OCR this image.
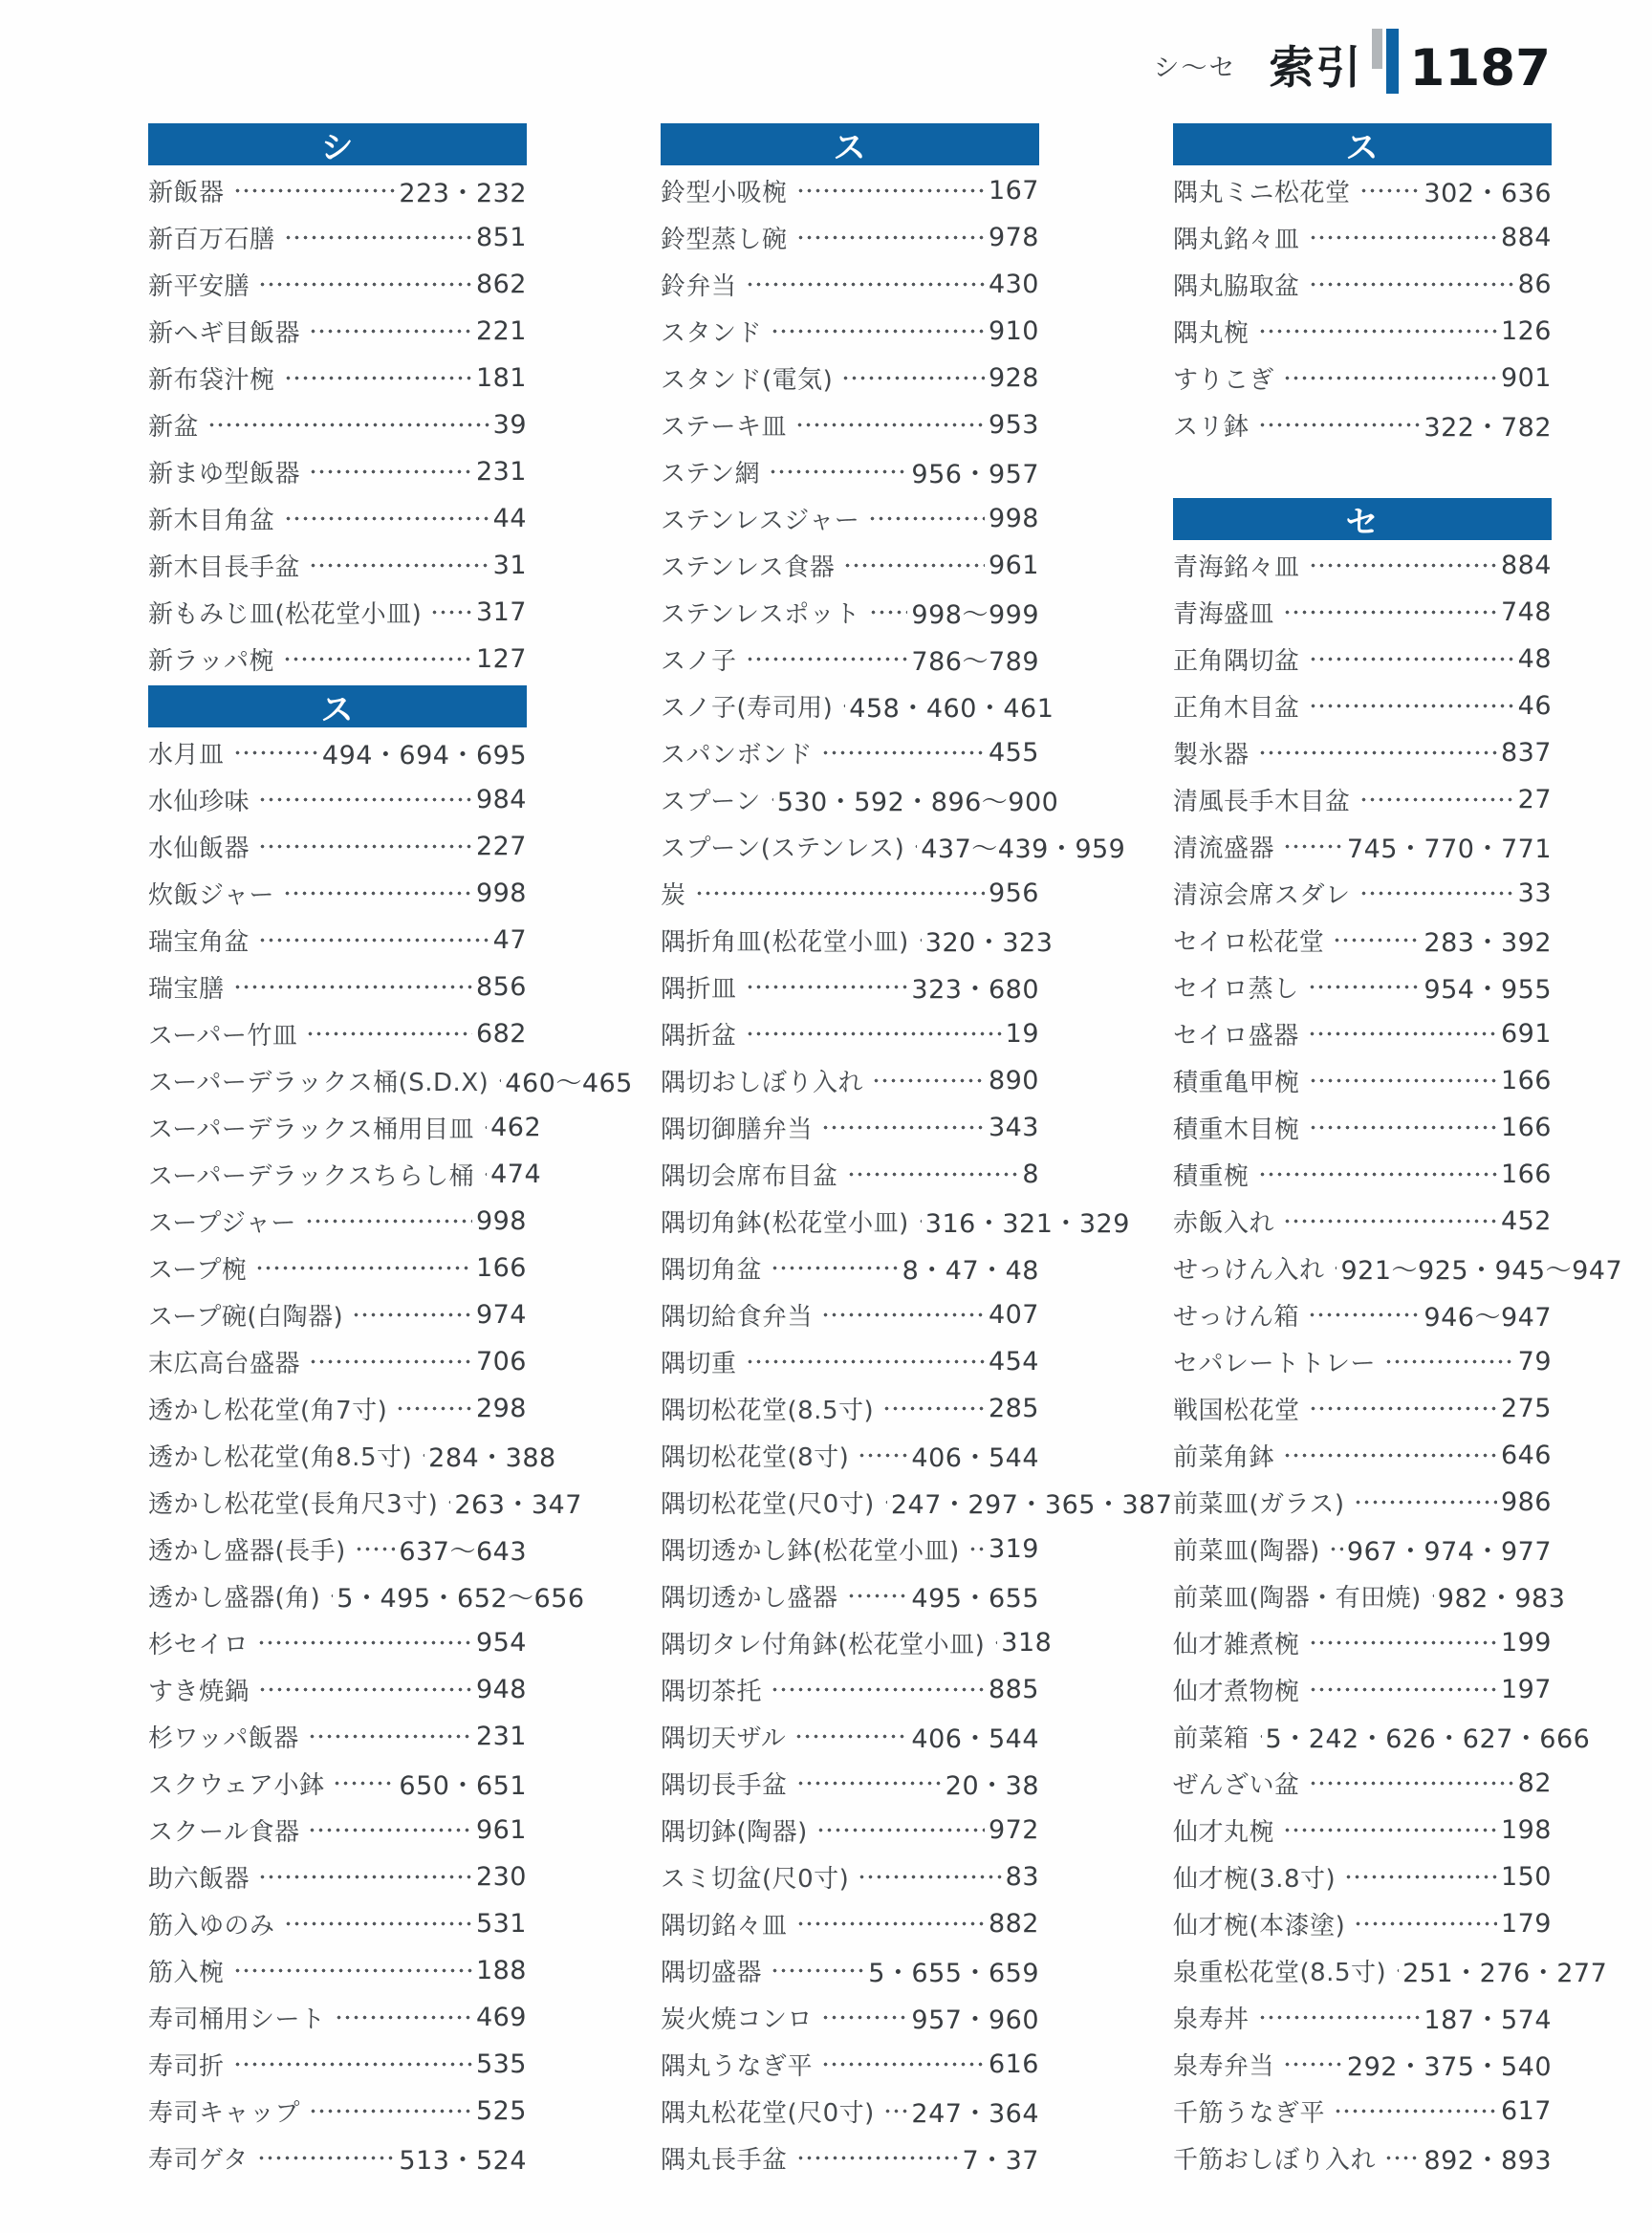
シ〜セ 索引 1187
シ
新飯器	223・232
新百万石膳	851
新平安膳	862
新ヘギ目飯器	221
新布袋汁椀	181
新盆	39
新まゆ型飯器	231
新木目角盆	44
新木目長手盆	31
新もみじ皿(松花堂小皿) 317
新ラッパ椀	127
ス
水月皿	494・694・695
水仙珍味	984
水仙飯器	227
炊飯ジャー	998
瑞宝角盆	47
瑞宝膳	856
スーパー竹皿	682
スーパーデラックス桶(S.D.X) 460〜465
スーパーデラックス桶用目皿 462
スーパーデラックスちらし桶 474
スープジャー	998
スープ椀	166
スープ碗(白陶器)	974
末広高台盛器	706
透かし松花堂(角7寸)	298
透かし松花堂(角8.5寸) 284・388
透かし松花堂(長角尺3寸) 263・347
透かし盛器(長手) 637〜643
透かし盛器(角) 5・495・652〜656
杉セイロ	954
すき焼鍋	948
杉ワッパ飯器	231
スクウェア小鉢	650・651
スクール食器	961
助六飯器	230
筋入ゆのみ	531
筋入椀	188
寿司桶用シート	469
寿司折	535
寿司キャップ	525
寿司ゲタ	513・524
ス
鈴型小吸椀	167
鈴型蒸し碗	978
鈴弁当	430
スタンド	910
スタンド(電気)	928
ステーキ皿	953
ステン網	956・957
ステンレスジャー	998
ステンレス食器	961
ステンレスポット 998〜999
スノ子	786〜789
スノ子(寿司用) 458・460・461
スパンボンド	455
スプーン 530・592・896〜900
スプーン(ステンレス) 437〜439・959
炭	956
隅折角皿(松花堂小皿) 320・323
隅折皿	323・680
隅折盆	19
隅切おしぼり入れ	890
隅切御膳弁当	343
隅切会席布目盆	8
隅切角鉢(松花堂小皿) 316・321・329
隅切角盆	8・47・48
隅切給食弁当	407
隅切重	454
隅切松花堂(8.5寸)	285
隅切松花堂(8寸) 406・544
隅切松花堂(尺0寸) 247・297・365・387
隅切透かし鉢(松花堂小皿) 319
隅切透かし盛器	495・655
隅切タレ付角鉢(松花堂小皿) 318
隅切茶托	885
隅切天ザル	406・544
隅切長手盆	20・38
隅切鉢(陶器)	972
スミ切盆(尺0寸)	83
隅切銘々皿	882
隅切盛器	5・655・659
炭火焼コンロ	957・960
隅丸うなぎ平	616
隅丸松花堂(尺0寸) 247・364
隅丸長手盆	7・37
ス
隅丸ミニ松花堂	302・636
隅丸銘々皿	884
隅丸脇取盆	86
隅丸椀	126
すりこぎ	901
スリ鉢	322・782
セ
青海銘々皿	884
青海盛皿	748
正角隅切盆	48
正角木目盆	46
製氷器	837
清風長手木目盆	27
清流盛器	745・770・771
清涼会席スダレ	33
セイロ松花堂	283・392
セイロ蒸し	954・955
セイロ盛器	691
積重亀甲椀	166
積重木目椀	166
積重椀	166
赤飯入れ	452
せっけん入れ 921〜925・945〜947
せっけん箱	946〜947
セパレートトレー	79
戦国松花堂	275
前菜角鉢	646
前菜皿(ガラス)	986
前菜皿(陶器) 967・974・977
前菜皿(陶器・有田焼) 982・983
仙才雑煮椀	199
仙才煮物椀	197
前菜箱 5・242・626・627・666
ぜんざい盆	82
仙才丸椀	198
仙才椀(3.8寸)	150
仙才椀(本漆塗)	179
泉重松花堂(8.5寸) 251・276・277
泉寿丼	187・574
泉寿弁当	292・375・540
千筋うなぎ平	617
千筋おしぼり入れ 892・893
